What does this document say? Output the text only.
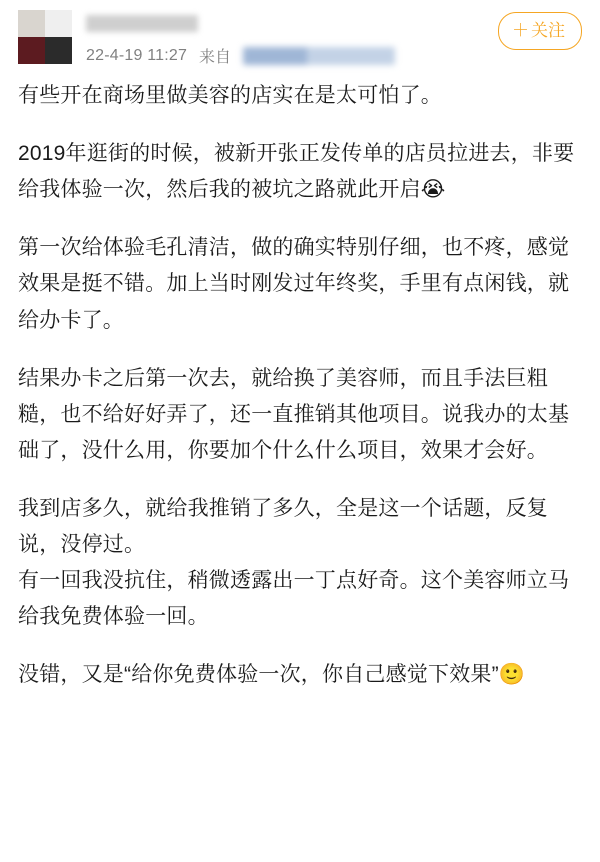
22-4-19 11:27 来自
＋ 关注

有些开在商场里做美容的店实在是太可怕了。

2019年逛街的时候，被新开张正发传单的店员拉进去，非要给我体验一次，然后我的被坑之路就此开启😭

第一次给体验毛孔清洁，做的确实特别仔细，也不疼，感觉效果是挺不错。加上当时刚发过年终奖，手里有点闲钱，就给办卡了。

结果办卡之后第一次去，就给换了美容师，而且手法巨粗糙，也不给好好弄了，还一直推销其他项目。说我办的太基础了，没什么用，你要加个什么什么项目，效果才会好。

我到店多久，就给我推销了多久，全是这一个话题，反复说，没停过。

有一回我没抗住，稍微透露出一丁点好奇。这个美容师立马给我免费体验一回。

没错，又是“给你免费体验一次，你自己感觉下效果”🙂
